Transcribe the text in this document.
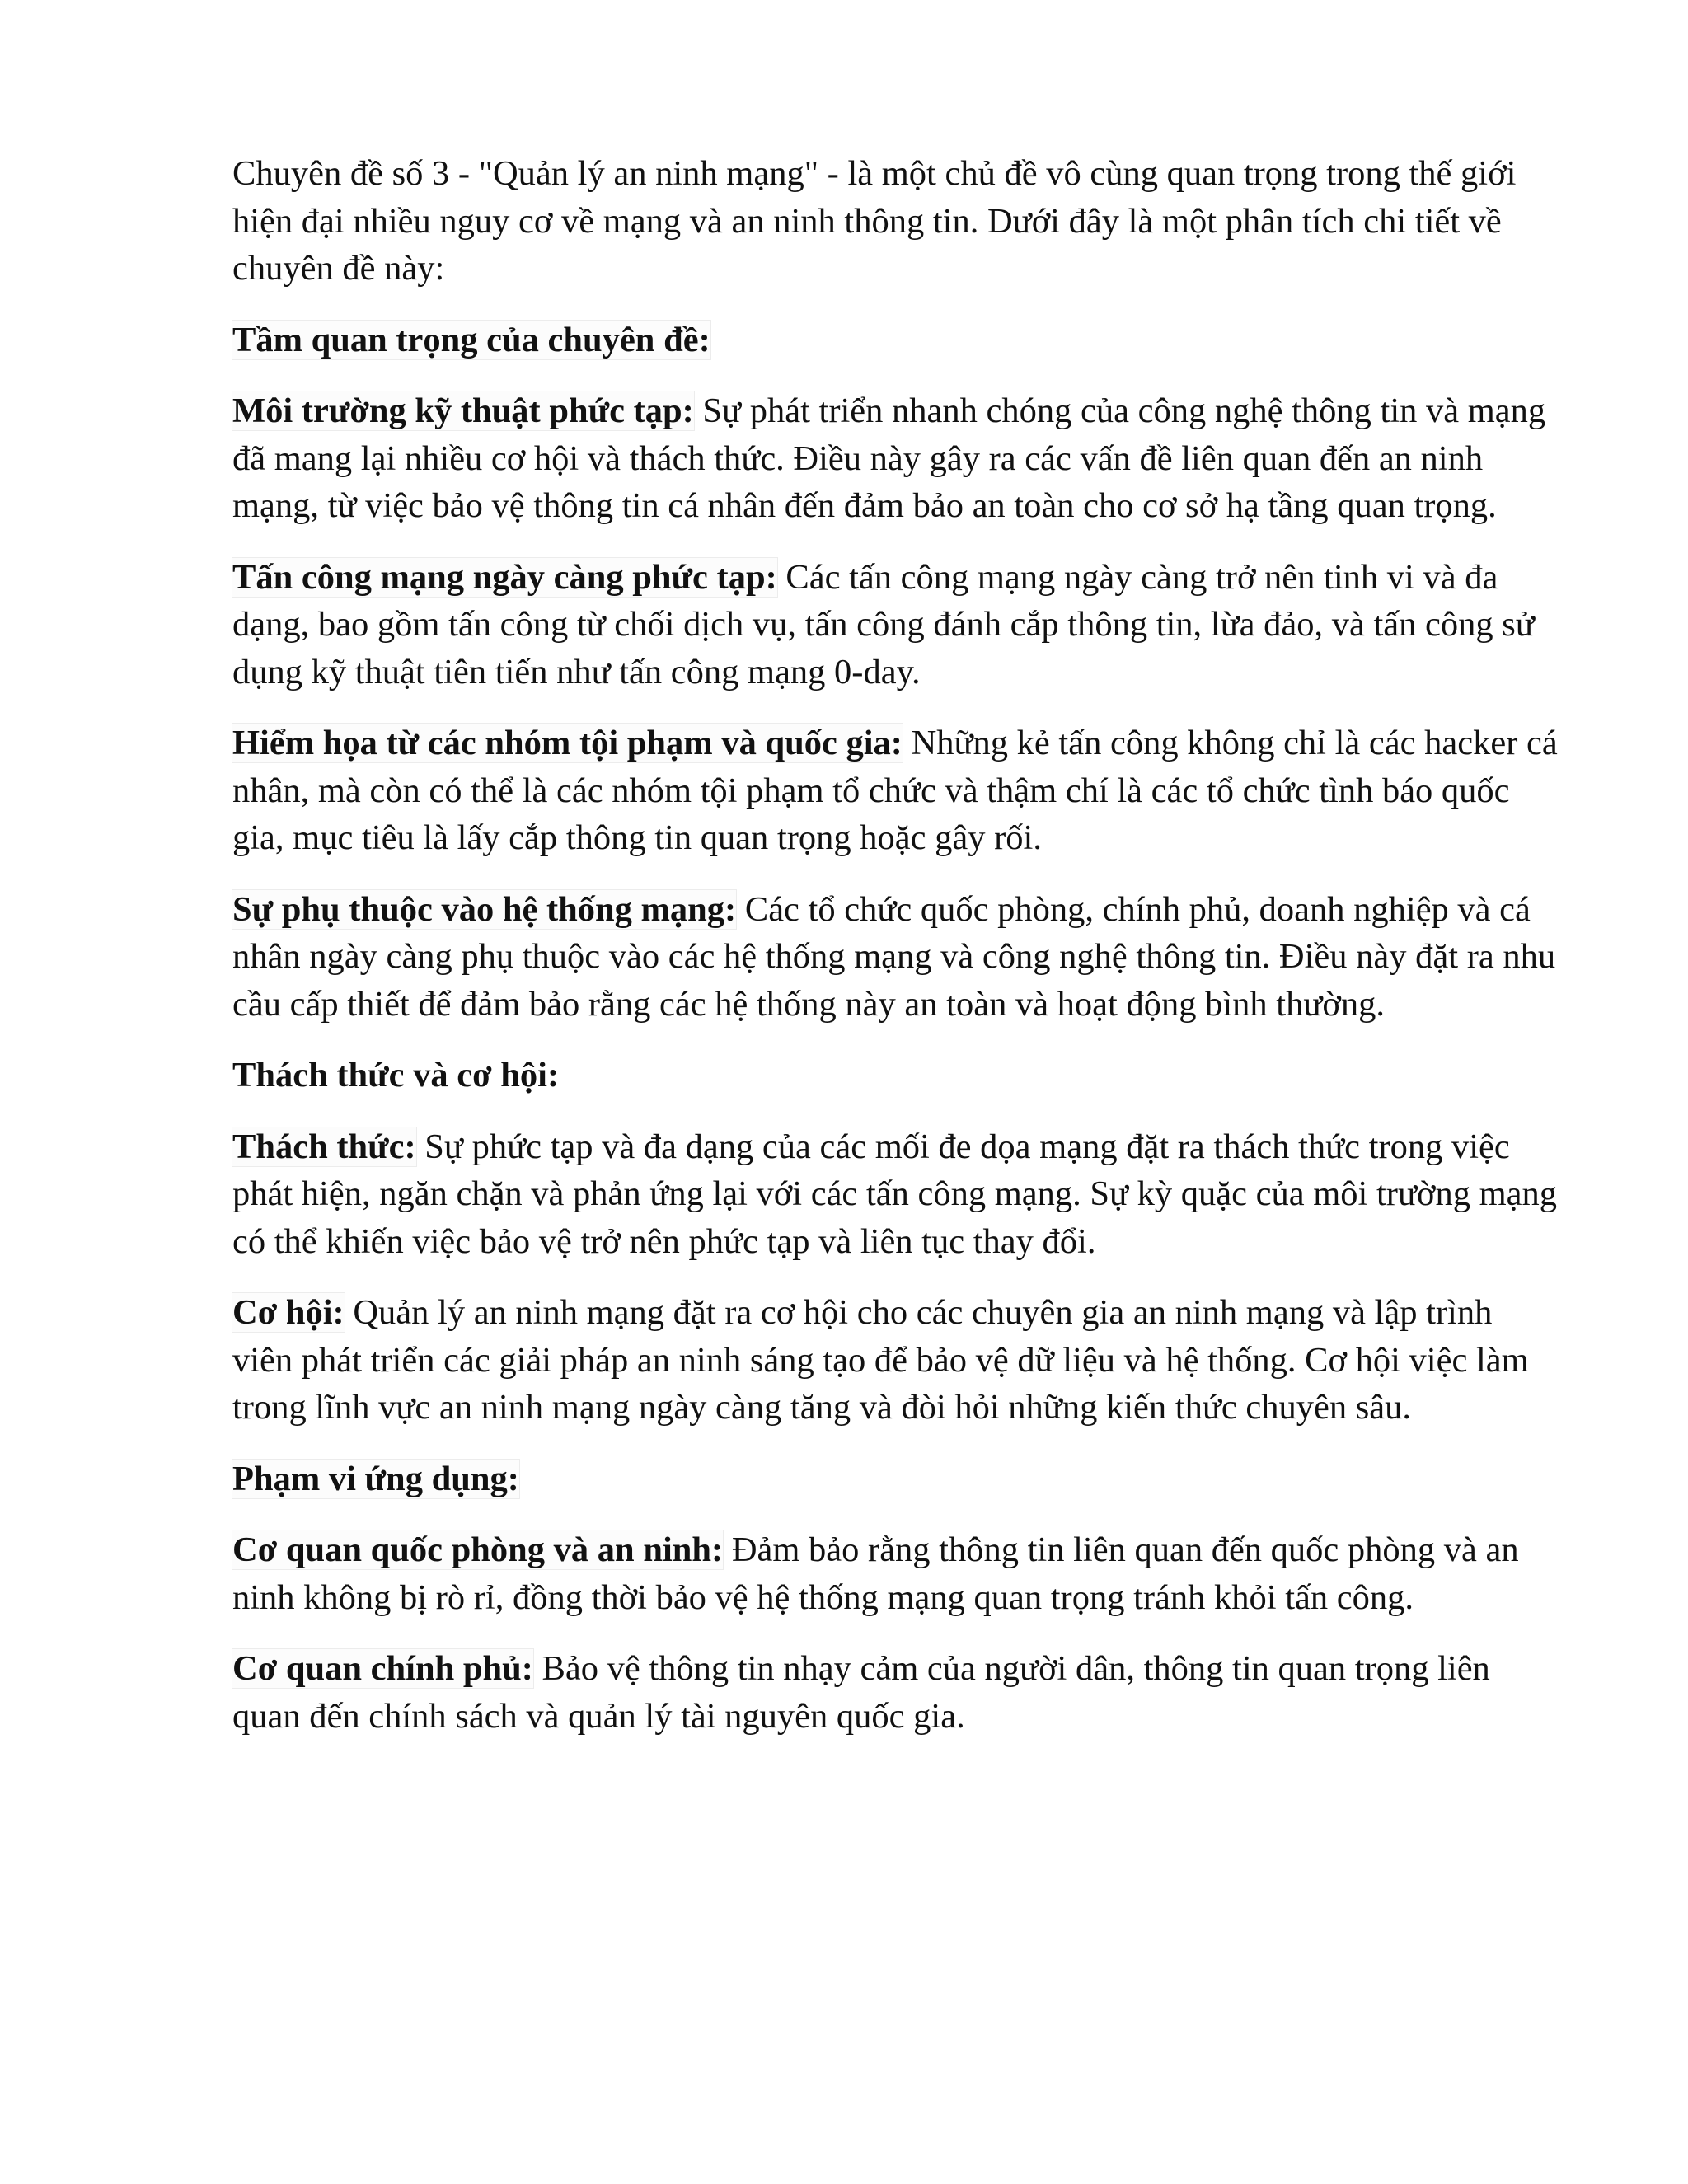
Chuyên đề số 3 - "Quản lý an ninh mạng" - là một chủ đề vô cùng quan trọng trong thế giới hiện đại nhiều nguy cơ về mạng và an ninh thông tin. Dưới đây là một phân tích chi tiết về chuyên đề này:

Tầm quan trọng của chuyên đề:

Môi trường kỹ thuật phức tạp: Sự phát triển nhanh chóng của công nghệ thông tin và mạng đã mang lại nhiều cơ hội và thách thức. Điều này gây ra các vấn đề liên quan đến an ninh mạng, từ việc bảo vệ thông tin cá nhân đến đảm bảo an toàn cho cơ sở hạ tầng quan trọng.

Tấn công mạng ngày càng phức tạp: Các tấn công mạng ngày càng trở nên tinh vi và đa dạng, bao gồm tấn công từ chối dịch vụ, tấn công đánh cắp thông tin, lừa đảo, và tấn công sử dụng kỹ thuật tiên tiến như tấn công mạng 0-day.

Hiểm họa từ các nhóm tội phạm và quốc gia: Những kẻ tấn công không chỉ là các hacker cá nhân, mà còn có thể là các nhóm tội phạm tổ chức và thậm chí là các tổ chức tình báo quốc gia, mục tiêu là lấy cắp thông tin quan trọng hoặc gây rối.

Sự phụ thuộc vào hệ thống mạng: Các tổ chức quốc phòng, chính phủ, doanh nghiệp và cá nhân ngày càng phụ thuộc vào các hệ thống mạng và công nghệ thông tin. Điều này đặt ra nhu cầu cấp thiết để đảm bảo rằng các hệ thống này an toàn và hoạt động bình thường.

Thách thức và cơ hội:

Thách thức: Sự phức tạp và đa dạng của các mối đe dọa mạng đặt ra thách thức trong việc phát hiện, ngăn chặn và phản ứng lại với các tấn công mạng. Sự kỳ quặc của môi trường mạng có thể khiến việc bảo vệ trở nên phức tạp và liên tục thay đổi.

Cơ hội: Quản lý an ninh mạng đặt ra cơ hội cho các chuyên gia an ninh mạng và lập trình viên phát triển các giải pháp an ninh sáng tạo để bảo vệ dữ liệu và hệ thống. Cơ hội việc làm trong lĩnh vực an ninh mạng ngày càng tăng và đòi hỏi những kiến thức chuyên sâu.

Phạm vi ứng dụng:

Cơ quan quốc phòng và an ninh: Đảm bảo rằng thông tin liên quan đến quốc phòng và an ninh không bị rò rỉ, đồng thời bảo vệ hệ thống mạng quan trọng tránh khỏi tấn công.

Cơ quan chính phủ: Bảo vệ thông tin nhạy cảm của người dân, thông tin quan trọng liên quan đến chính sách và quản lý tài nguyên quốc gia.
